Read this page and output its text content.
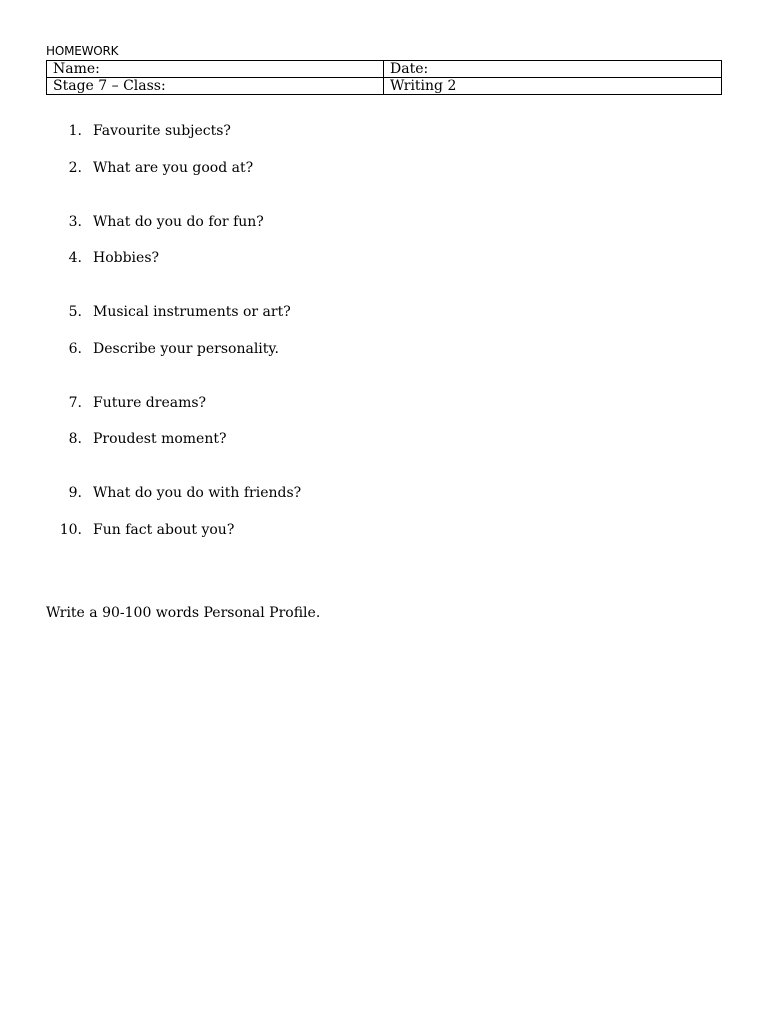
HOMEWORK
Name:	Date:
Stage 7 – Class:	Writing 2
1. Favourite subjects?
2. What are you good at?
3. What do you do for fun?
4. Hobbies?
5. Musical instruments or art?
6. Describe your personality.
7. Future dreams?
8. Proudest moment?
9. What do you do with friends?
10. Fun fact about you?
Write a 90-100 words Personal Profile.
